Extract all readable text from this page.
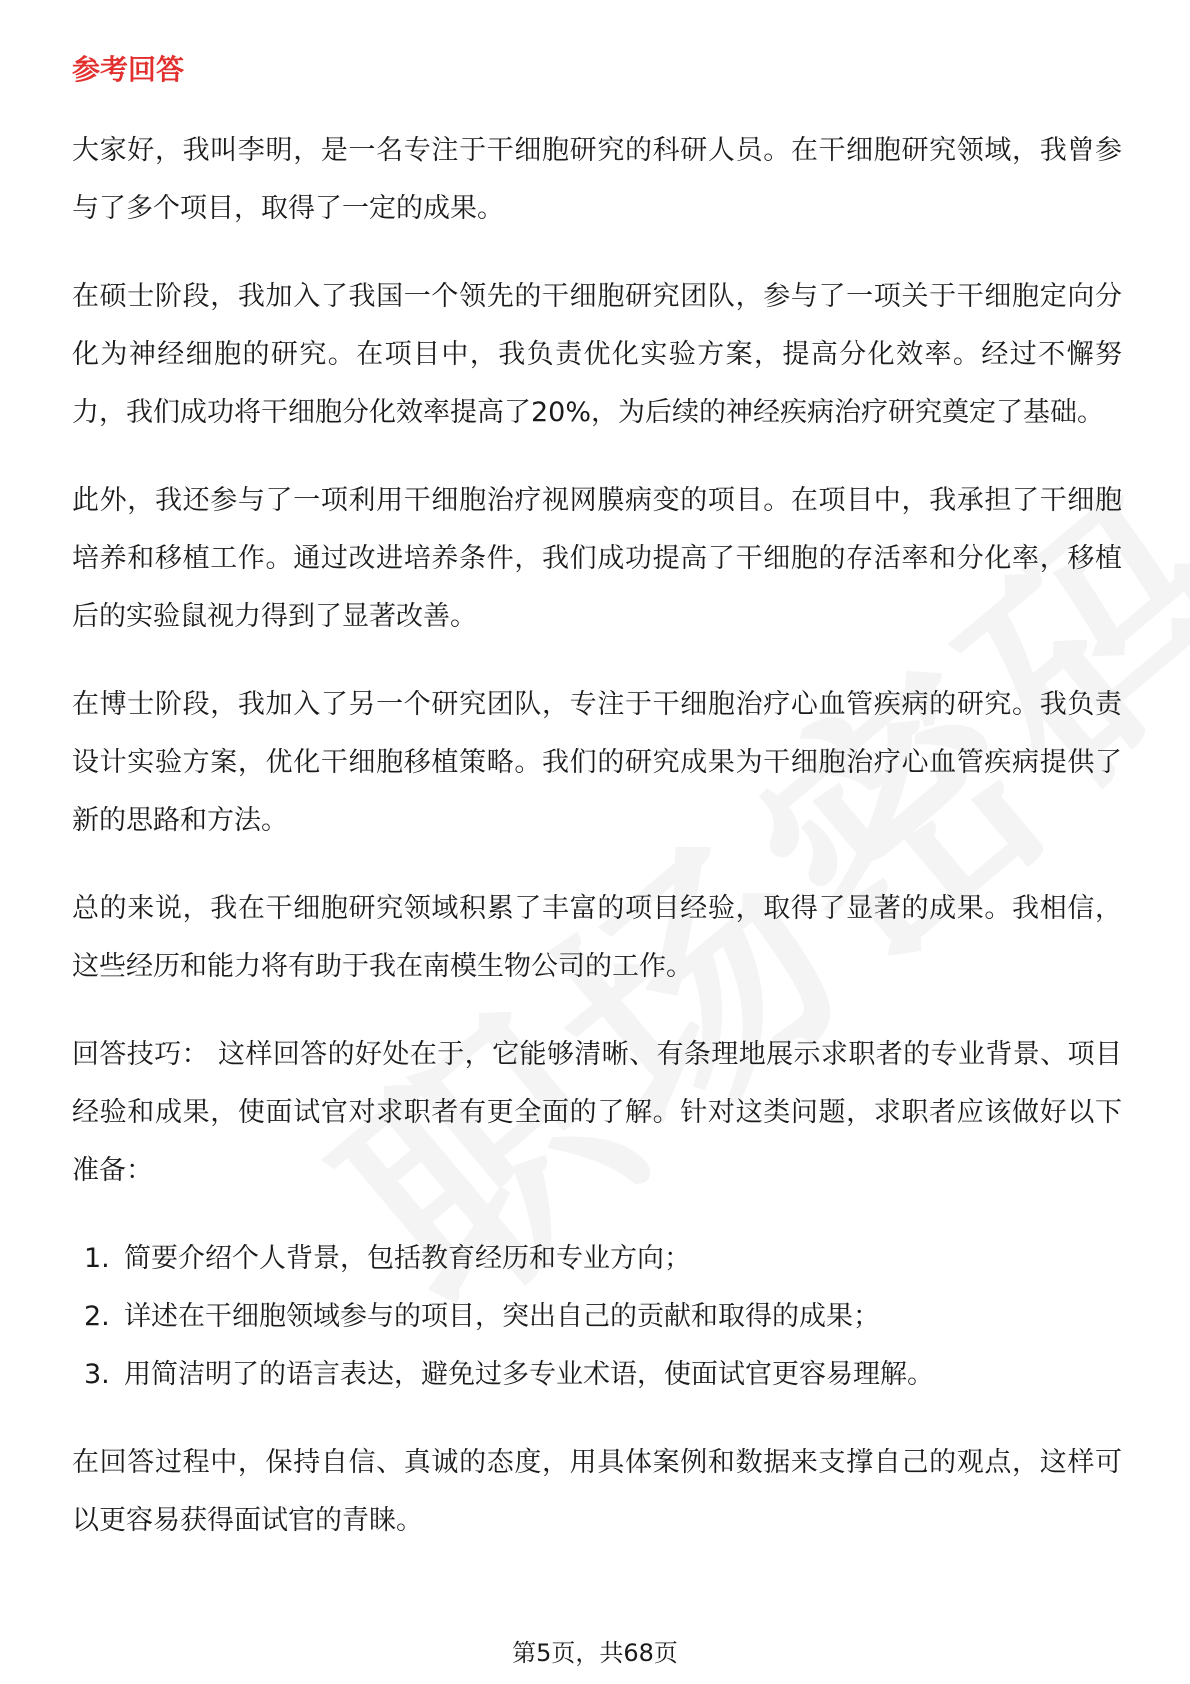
参考回答

大家好，我叫李明，是一名专注于干细胞研究的科研人员。在干细胞研究领域，我曾参与了多个项目，取得了一定的成果。

在硕士阶段，我加入了我国一个领先的干细胞研究团队，参与了一项关于干细胞定向分化为神经细胞的研究。在项目中，我负责优化实验方案，提高分化效率。经过不懈努力，我们成功将干细胞分化效率提高了20%，为后续的神经疾病治疗研究奠定了基础。

此外，我还参与了一项利用干细胞治疗视网膜病变的项目。在项目中，我承担了干细胞培养和移植工作。通过改进培养条件，我们成功提高了干细胞的存活率和分化率，移植后的实验鼠视力得到了显著改善。

在博士阶段，我加入了另一个研究团队，专注于干细胞治疗心血管疾病的研究。我负责设计实验方案，优化干细胞移植策略。我们的研究成果为干细胞治疗心血管疾病提供了新的思路和方法。

总的来说，我在干细胞研究领域积累了丰富的项目经验，取得了显著的成果。我相信，这些经历和能力将有助于我在南模生物公司的工作。

回答技巧： 这样回答的好处在于，它能够清晰、有条理地展示求职者的专业背景、项目经验和成果，使面试官对求职者有更全面的了解。针对这类问题，求职者应该做好以下准备：

1. 简要介绍个人背景，包括教育经历和专业方向；
2. 详述在干细胞领域参与的项目，突出自己的贡献和取得的成果；
3. 用简洁明了的语言表达，避免过多专业术语，使面试官更容易理解。

在回答过程中，保持自信、真诚的态度，用具体案例和数据来支撑自己的观点，这样可以更容易获得面试官的青睐。

第5页，共68页
